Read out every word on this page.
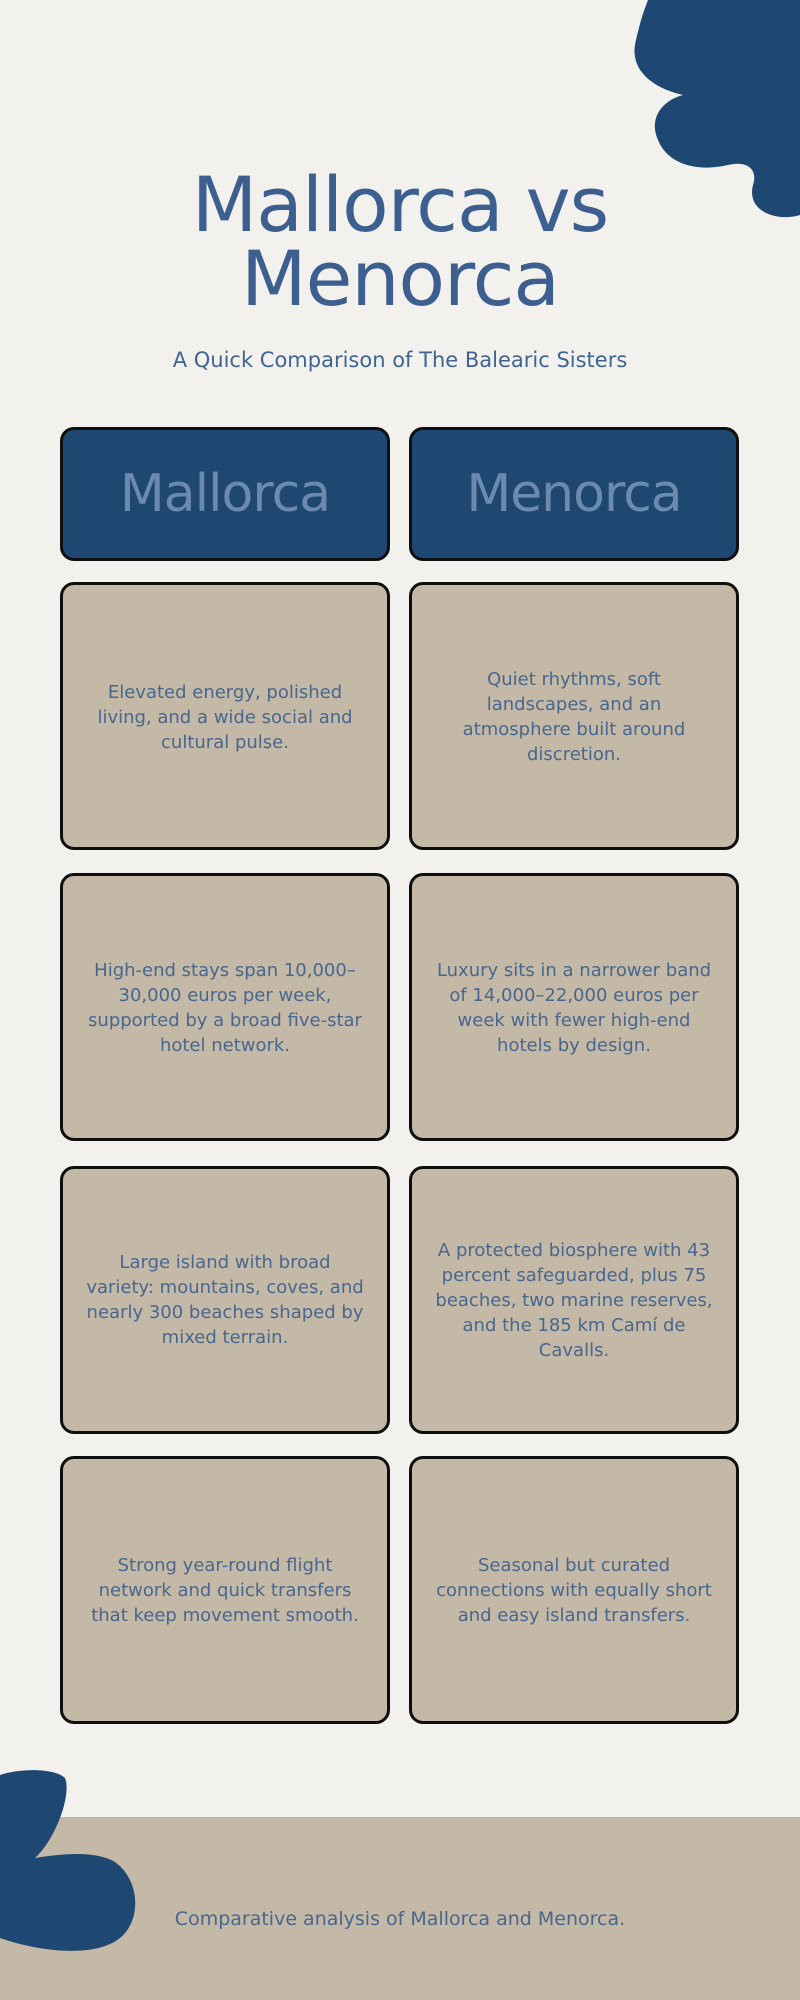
Mallorca vs
Menorca
A Quick Comparison of The Balearic Sisters
Mallorca	Menorca
Elevated energy, polished living, and a wide social and cultural pulse.
Quiet rhythms, soft landscapes, and an atmosphere built around discretion.
High-end stays span 10,000–30,000 euros per week, supported by a broad five-star hotel network.
Luxury sits in a narrower band of 14,000–22,000 euros per week with fewer high-end hotels by design.
Large island with broad variety: mountains, coves, and nearly 300 beaches shaped by mixed terrain.
A protected biosphere with 43 percent safeguarded, plus 75 beaches, two marine reserves, and the 185 km Camí de Cavalls.
Strong year-round flight network and quick transfers that keep movement smooth.
Seasonal but curated connections with equally short and easy island transfers.
Comparative analysis of Mallorca and Menorca.
